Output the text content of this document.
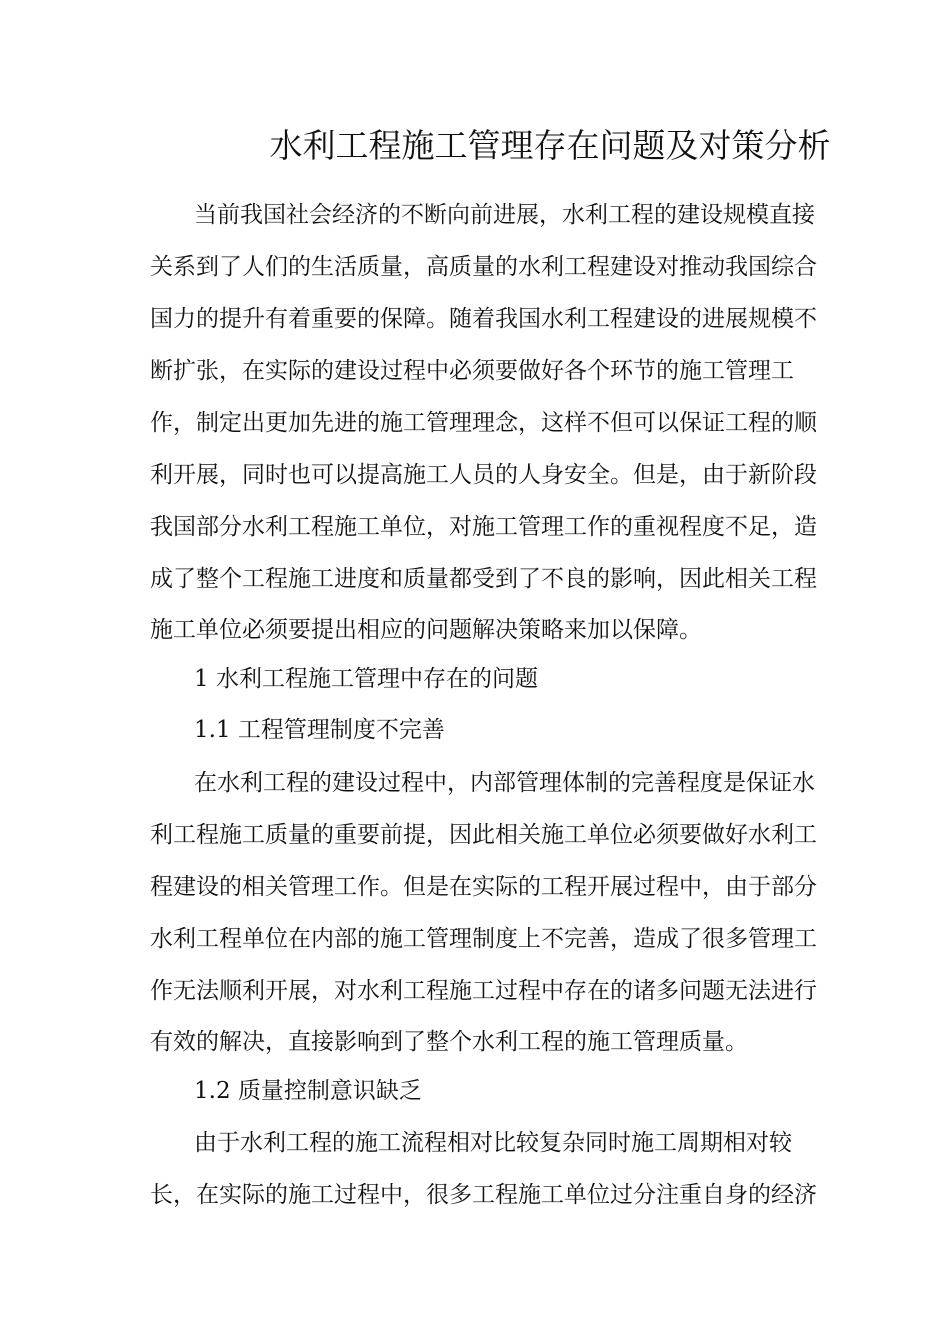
水利工程施工管理存在问题及对策分析
当前我国社会经济的不断向前进展，水利工程的建设规模直接
关系到了人们的生活质量，高质量的水利工程建设对推动我国综合
国力的提升有着重要的保障。随着我国水利工程建设的进展规模不
断扩张，在实际的建设过程中必须要做好各个环节的施工管理工
作，制定出更加先进的施工管理理念，这样不但可以保证工程的顺
利开展，同时也可以提高施工人员的人身安全。但是，由于新阶段
我国部分水利工程施工单位，对施工管理工作的重视程度不足，造
成了整个工程施工进度和质量都受到了不良的影响，因此相关工程
施工单位必须要提出相应的问题解决策略来加以保障。
1 水利工程施工管理中存在的问题
1.1 工程管理制度不完善
在水利工程的建设过程中，内部管理体制的完善程度是保证水
利工程施工质量的重要前提，因此相关施工单位必须要做好水利工
程建设的相关管理工作。但是在实际的工程开展过程中，由于部分
水利工程单位在内部的施工管理制度上不完善，造成了很多管理工
作无法顺利开展，对水利工程施工过程中存在的诸多问题无法进行
有效的解决，直接影响到了整个水利工程的施工管理质量。
1.2 质量控制意识缺乏
由于水利工程的施工流程相对比较复杂同时施工周期相对较
长，在实际的施工过程中，很多工程施工单位过分注重自身的经济
